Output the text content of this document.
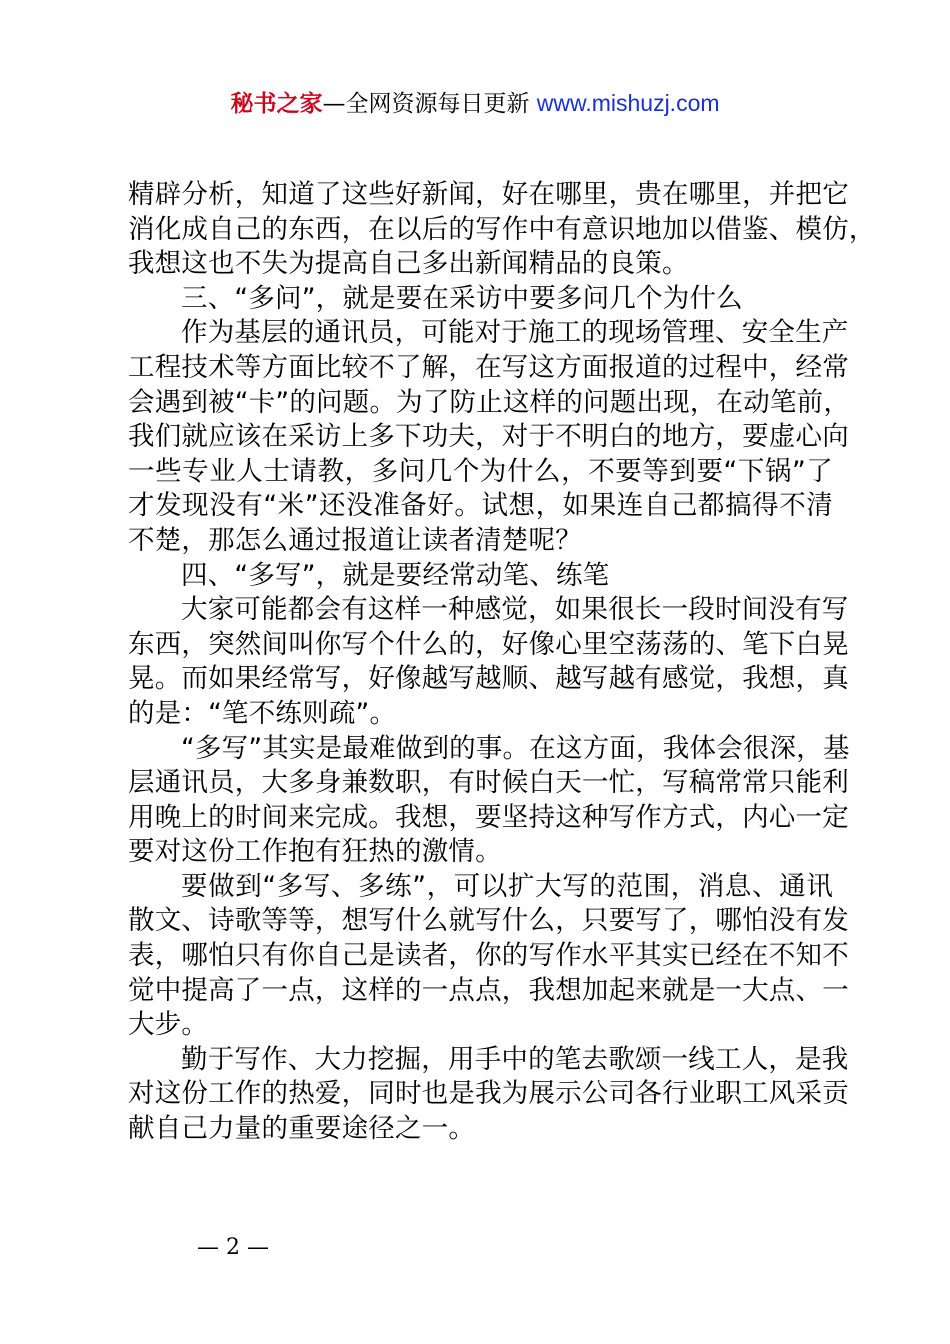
秘书之家—全网资源每日更新 www.mishuzj.com
精辟分析，知道了这些好新闻，好在哪里，贵在哪里，并把它
消化成自己的东西，在以后的写作中有意识地加以借鉴、模仿，
我想这也不失为提高自己多出新闻精品的良策。
三、“多问”，就是要在采访中要多问几个为什么
作为基层的通讯员，可能对于施工的现场管理、安全生产
工程技术等方面比较不了解，在写这方面报道的过程中，经常
会遇到被“卡”的问题。为了防止这样的问题出现，在动笔前，
我们就应该在采访上多下功夫，对于不明白的地方，要虚心向
一些专业人士请教，多问几个为什么，不要等到要“下锅”了
才发现没有“米”还没准备好。试想，如果连自己都搞得不清
不楚，那怎么通过报道让读者清楚呢？
四、“多写”，就是要经常动笔、练笔
大家可能都会有这样一种感觉，如果很长一段时间没有写
东西，突然间叫你写个什么的，好像心里空荡荡的、笔下白晃
晃。而如果经常写，好像越写越顺、越写越有感觉，我想，真
的是：“笔不练则疏”。
“多写”其实是最难做到的事。在这方面，我体会很深，基
层通讯员，大多身兼数职，有时候白天一忙，写稿常常只能利
用晚上的时间来完成。我想，要坚持这种写作方式，内心一定
要对这份工作抱有狂热的激情。
要做到“多写、多练”，可以扩大写的范围，消息、通讯
散文、诗歌等等，想写什么就写什么，只要写了，哪怕没有发
表，哪怕只有你自己是读者，你的写作水平其实已经在不知不
觉中提高了一点，这样的一点点，我想加起来就是一大点、一
大步。
勤于写作、大力挖掘，用手中的笔去歌颂一线工人，是我
对这份工作的热爱，同时也是我为展示公司各行业职工风采贡
献自己力量的重要途径之一。
— 2 —
